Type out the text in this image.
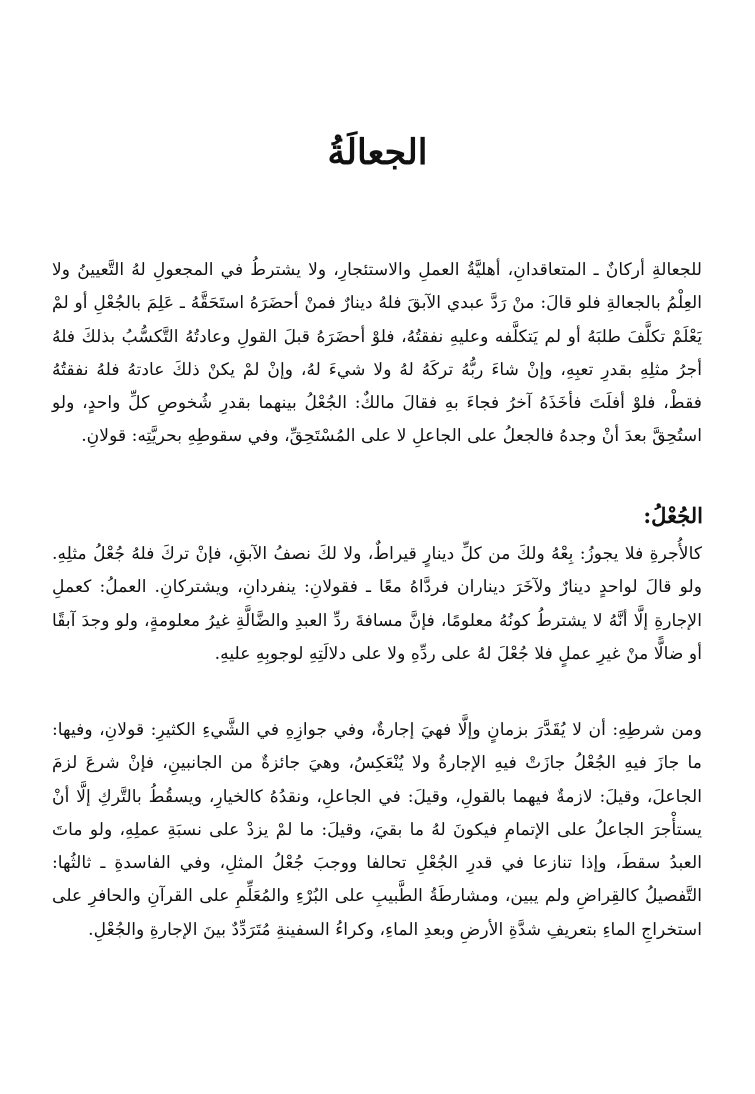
الجعالَةُ

للجعالةِ أركانٌ ـ المتعاقدانِ، أهليَّةُ العملِ والاستئجارِ، ولا يشترطُ في المجعولِ لهُ التَّعيينُ ولا العِلْمُ بالجعالةِ فلو قالَ: منْ رَدَّ عبدي الآبقَ فلهُ دينارٌ فمنْ أحضَرَهُ استَحَقَّهُ ـ عَلِمَ بالجُعْلِ أو لمْ يَعْلَمْ تكلَّفَ طلبَهُ أو لم يَتكلَّفه وعليهِ نفقتُهُ، فلوْ أحضَرَهُ قبلَ القولِ وعادتُهُ التَّكسُّبُ بذلكَ فلهُ أجرُ مثلِهِ بقدرِ تعبِهِ، وإنْ شاءَ ربُّهُ تركَهُ لهُ ولا شيءَ لهُ، وإنْ لمْ يكنْ ذلكَ عادتهُ فلهُ نفقتُهُ فقطْ، فلوْ أفلَتَ فأخَذَهُ آخرُ فجاءَ بهِ فقالَ مالكٌ: الجُعْلُ بينهما بقدرِ شُخوصِ كلِّ واحدٍ، ولو استُحِقَّ بعدَ أنْ وجدهُ فالجعلُ على الجاعلِ لا على المُسْتَحِقِّ، وفي سقوطِهِ بحريَّتِه: قولانِ.

الجُعْلُ:

كالأُجرةِ فلا يجوزُ: بِعْهُ ولكَ من كلِّ دينارٍ قيراطٌ، ولا لكَ نصفُ الآبقِ، فإنْ تركَ فلهُ جُعْلُ مثلِهِ. ولو قالَ لواحدٍ دينارٌ ولآخَرَ ديناران فردَّاهُ معًا ـ فقولانِ: ينفردانِ، ويشتركانِ. العملُ: كعملِ الإجارةِ إلَّا أنَّهُ لا يشترطُ كونُهُ معلومًا، فإنَّ مسافةَ ردِّ العبدِ والضَّالَّةِ غيرُ معلومةٍ، ولو وجدَ آبقًا أو ضالًّا منْ غيرِ عملٍ فلا جُعْلَ لهُ على ردِّهِ ولا على دلالَتِهِ لوجوبِهِ عليهِ.

ومن شرطِهِ: أن لا يُقَدَّرَ بزمانٍ وإلَّا فهيَ إجارةٌ، وفي جوازِهِ في الشَّيءِ الكثيرِ: قولانِ، وفيها: ما جازَ فيهِ الجُعْلُ جازَتْ فيهِ الإجارةُ ولا يُنْعَكِسُ، وهيَ جائزةٌ من الجانبينِ، فإنْ شرعَ لزمَ الجاعلَ، وقيلَ: لازمةٌ فيهما بالقولِ، وقيلَ: في الجاعلِ، ونقدُهُ كالخيارِ، ويسقُطُ بالتَّركِ إلَّا أنْ يستأْجرَ الجاعلُ على الإتمامِ فيكونَ لهُ ما بقيَ، وقيلَ: ما لمْ يزدْ على نسبَةِ عملِهِ، ولو ماتَ العبدُ سقطَ، وإذا تنازعا في قدرِ الجُعْلِ تحالفا ووجبَ جُعْلُ المثلِ، وفي الفاسدةِ ـ ثالثُها: التَّفصيلُ كالقِراضِ ولم يبين، ومشارطَةُ الطَّبيبِ على البُرْءِ والمُعَلِّمِ على القرآنِ والحافرِ على استخراجِ الماءِ بتعريفِ شدَّةِ الأرضِ وبعدِ الماءِ، وكراءُ السفينةِ مُتَرَدِّدٌ بينَ الإجارةِ والجُعْلِ.
